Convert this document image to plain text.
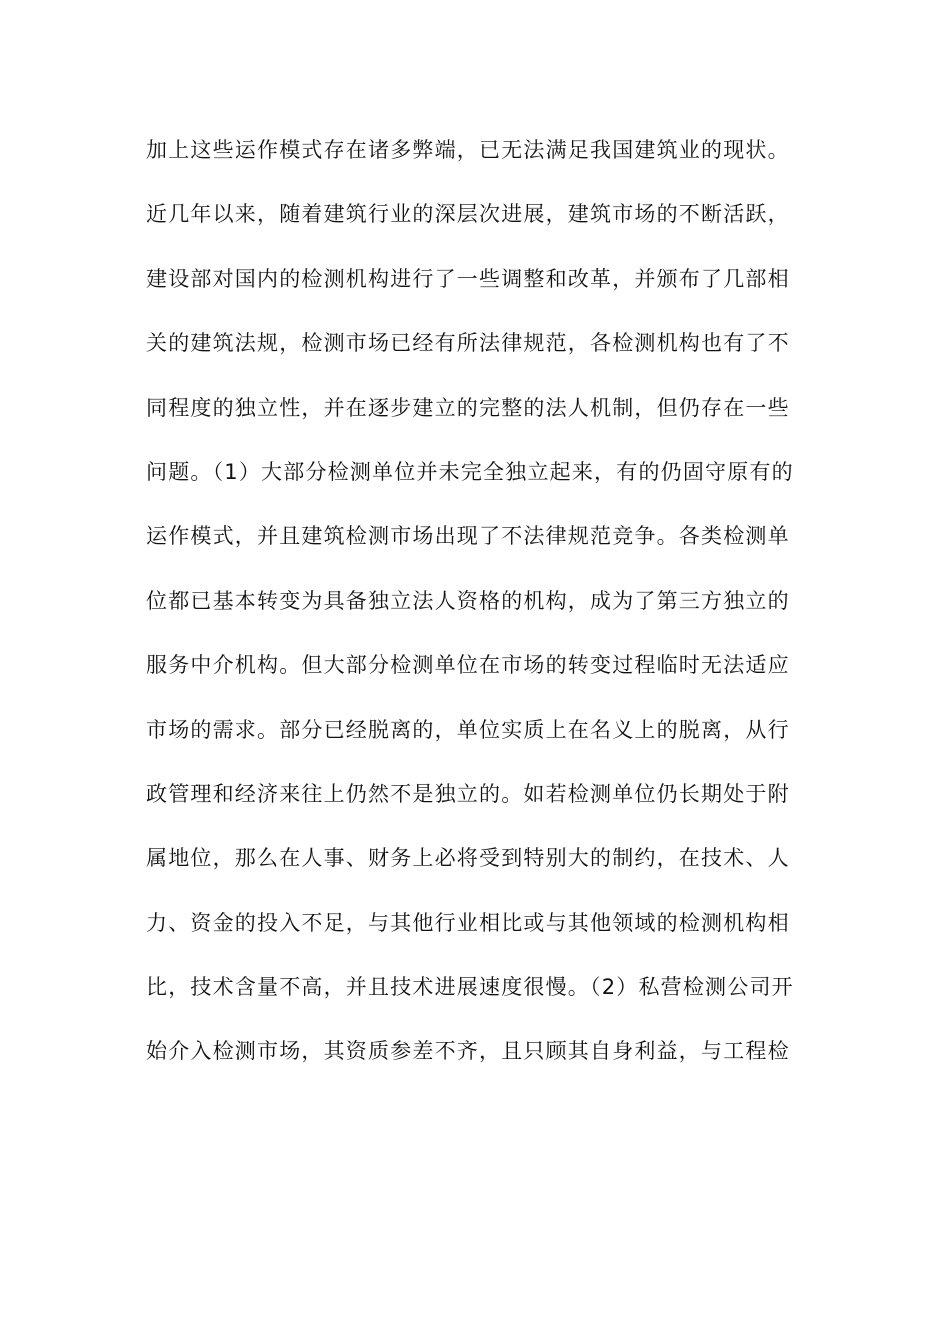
加上这些运作模式存在诸多弊端，已无法满足我国建筑业的现状。
近几年以来，随着建筑行业的深层次进展，建筑市场的不断活跃，
建设部对国内的检测机构进行了一些调整和改革，并颁布了几部相
关的建筑法规，检测市场已经有所法律规范，各检测机构也有了不
同程度的独立性，并在逐步建立的完整的法人机制，但仍存在一些
问题。（1）大部分检测单位并未完全独立起来，有的仍固守原有的
运作模式，并且建筑检测市场出现了不法律规范竞争。各类检测单
位都已基本转变为具备独立法人资格的机构，成为了第三方独立的
服务中介机构。但大部分检测单位在市场的转变过程临时无法适应
市场的需求。部分已经脱离的，单位实质上在名义上的脱离，从行
政管理和经济来往上仍然不是独立的。如若检测单位仍长期处于附
属地位，那么在人事、财务上必将受到特别大的制约，在技术、人
力、资金的投入不足，与其他行业相比或与其他领域的检测机构相
比，技术含量不高，并且技术进展速度很慢。（2）私营检测公司开
始介入检测市场，其资质参差不齐，且只顾其自身利益，与工程检
